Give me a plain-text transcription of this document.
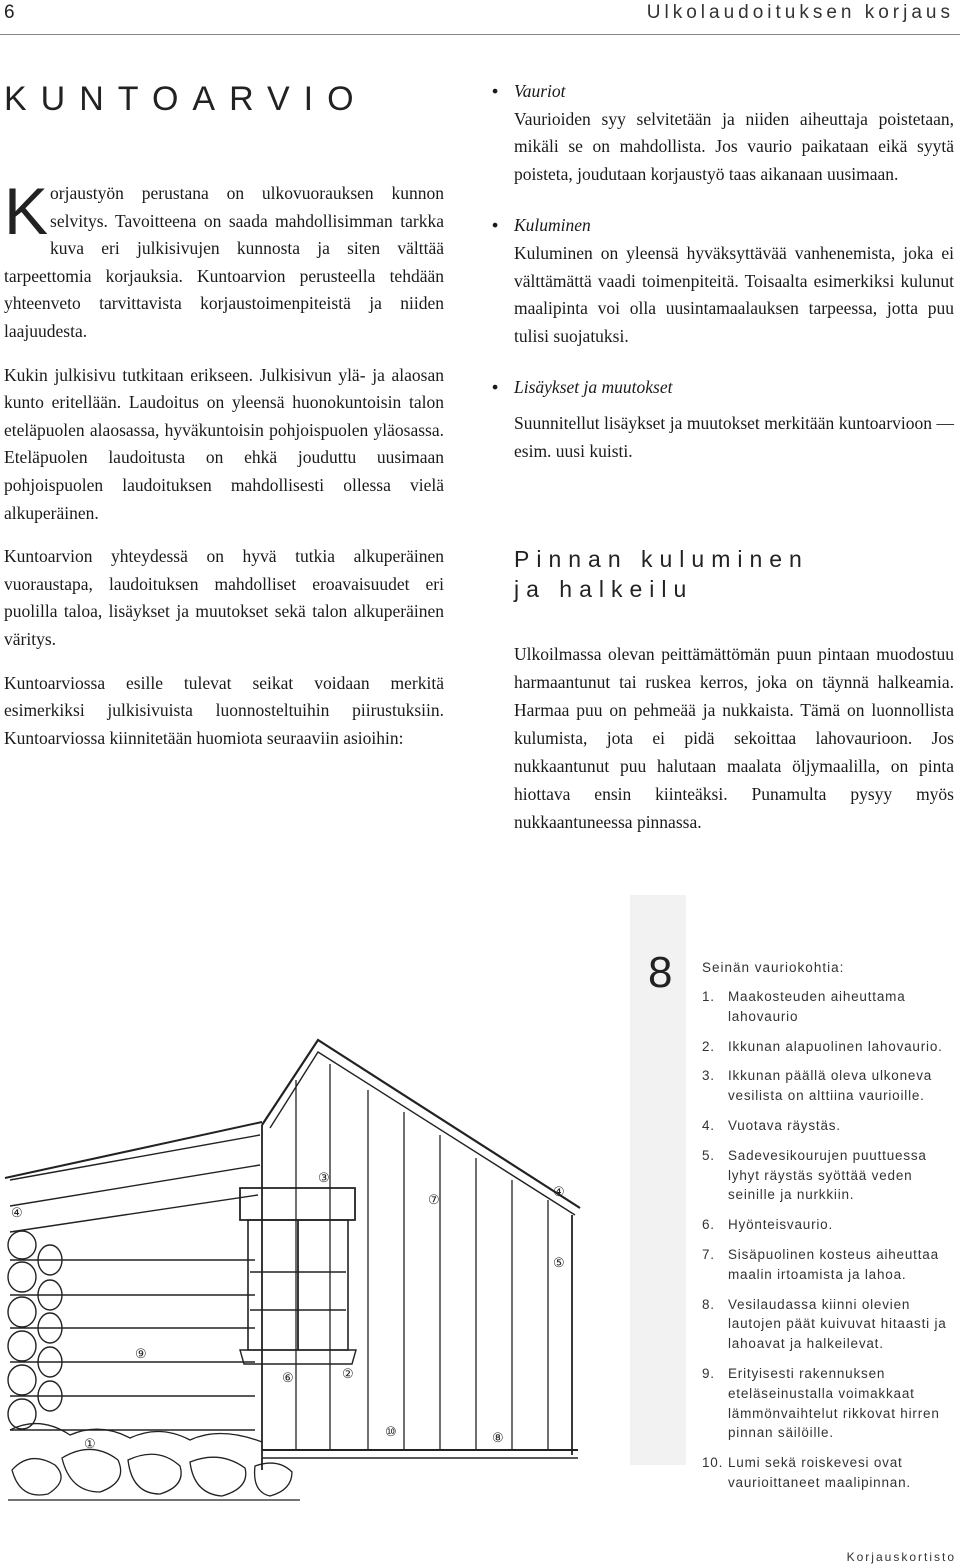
6	Ulkolaudoituksen korjaus
KUNTOARVIO

Korjaustyön perustana on ulkovuorauksen kunnon selvitys. Tavoitteena on saada mahdollisimman tarkka kuva eri julkisivujen kunnosta ja siten välttää tarpeettomia korjauksia. Kuntoarvion perusteella tehdään yhteenveto tarvittavista korjaustoimenpiteistä ja niiden laajuudesta.

Kukin julkisivu tutkitaan erikseen. Julkisivun ylä- ja alaosan kunto eritellään. Laudoitus on yleensä huonokuntoisin talon eteläpuolen alaosassa, hyväkuntoisin pohjoispuolen yläosassa. Eteläpuolen laudoitusta on ehkä jouduttu uusimaan pohjoispuolen laudoituksen mahdollisesti ollessa vielä alkuperäinen.

Kuntoarvion yhteydessä on hyvä tutkia alkuperäinen vuoraustapa, laudoituksen mahdolliset eroavaisuudet eri puolilla taloa, lisäykset ja muutokset sekä talon alkuperäinen väritys.

Kuntoarviossa esille tulevat seikat voidaan merkitä esimerkiksi julkisivuista luonnosteltuihin piirustuksiin. Kuntoarviossa kiinnitetään huomiota seuraaviin asioihin:

• Vauriot
Vaurioiden syy selvitetään ja niiden aiheuttaja poistetaan, mikäli se on mahdollista. Jos vaurio paikataan eikä syytä poisteta, joudutaan korjaustyö taas aikanaan uusimaan.
• Kuluminen
Kuluminen on yleensä hyväksyttävää vanhenemista, joka ei välttämättä vaadi toimenpiteitä. Toisaalta esimerkiksi kulunut maalipinta voi olla uusintamaalauksen tarpeessa, jotta puu tulisi suojatuksi.
• Lisäykset ja muutokset
Suunnitellut lisäykset ja muutokset merkitään kuntoarvioon — esim. uusi kuisti.
Pinnan kuluminen
ja halkeilu
Ulkoilmassa olevan peittämättömän puun pintaan muodostuu harmaantunut tai ruskea kerros, joka on täynnä halkeamia. Harmaa puu on pehmeää ja nukkaista. Tämä on luonnollista kulumista, jota ei pidä sekoittaa lahovaurioon. Jos nukkaantunut puu halutaan maalata öljymaalilla, on pinta hiottava ensin kiinteäksi. Punamulta pysyy myös nukkaantuneessa pinnassa.
④
③
⑦
④
⑤
⑨
⑥	②
①
⑩	⑧
8 Seinän vauriokohtia:
1. Maakosteuden aiheuttama lahovaurio
2. Ikkunan alapuolinen lahovaurio.
3. Ikkunan päällä oleva ulkoneva vesilista on alttiina vaurioille.
4. Vuotava räystäs.
5. Sadevesikourujen puuttuessa lyhyt räystäs syöttää veden seinille ja nurkkiin.
6. Hyönteisvaurio.
7. Sisäpuolinen kosteus aiheuttaa maalin irtoamista ja lahoa.
8. Vesilaudassa kiinni olevien lautojen päät kuivuvat hitaasti ja lahoavat ja halkeilevat.
9. Erityisesti rakennuksen eteläseinustalla voimakkaat lämmönvaihtelut rikkovat hirren pinnan säilöille.
10. Lumi sekä roiskevesi ovat vaurioittaneet maalipinnan.
Korjauskortisto
